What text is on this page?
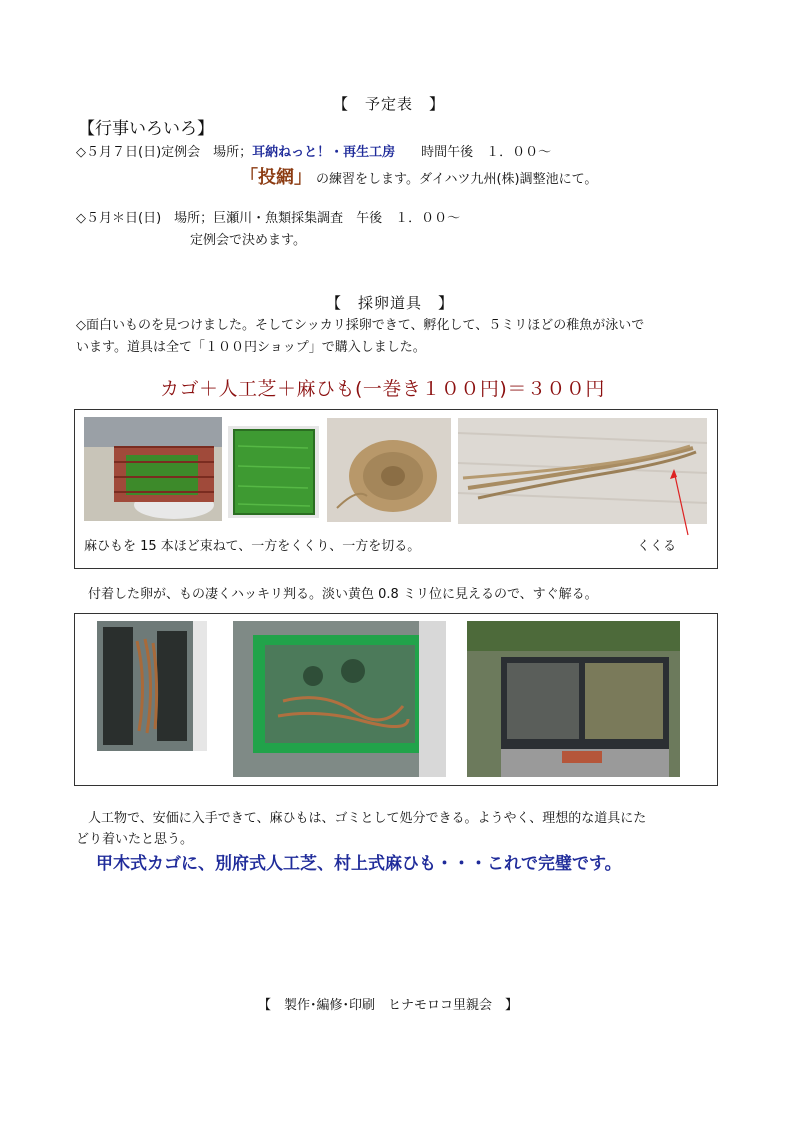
【　予定表　】
【行事いろいろ】
◇５月７日(日)定例会　場所；耳納ねっと！・再生工房 時間午後　１．００～
「投網」 の練習をします。ダイハツ九州(株)調整池にて。
◇５月＊日(日)　場所；巨瀬川・魚類採集調査　午後　１．００～
定例会で決めます。
【　採卵道具　】
◇面白いものを見つけました。そしてシッカリ採卵できて、孵化して、５ミリほどの稚魚が泳いで
います。道具は全て「１００円ショップ」で購入しました。
カゴ＋人工芝＋麻ひも(一巻き１００円)＝３００円
麻ひもを 15 本ほど束ねて、一方をくくり、一方を切る。	くくる
付着した卵が、もの凄くハッキリ判る。淡い黄色 0.8 ミリ位に見えるので、すぐ解る。
人工物で、安価に入手できて、麻ひもは、ゴミとして処分できる。ようやく、理想的な道具にた
どり着いたと思う。
甲木式カゴに、別府式人工芝、村上式麻ひも・・・これで完璧です。
【　製作･編修･印刷　ヒナモロコ里親会　】
